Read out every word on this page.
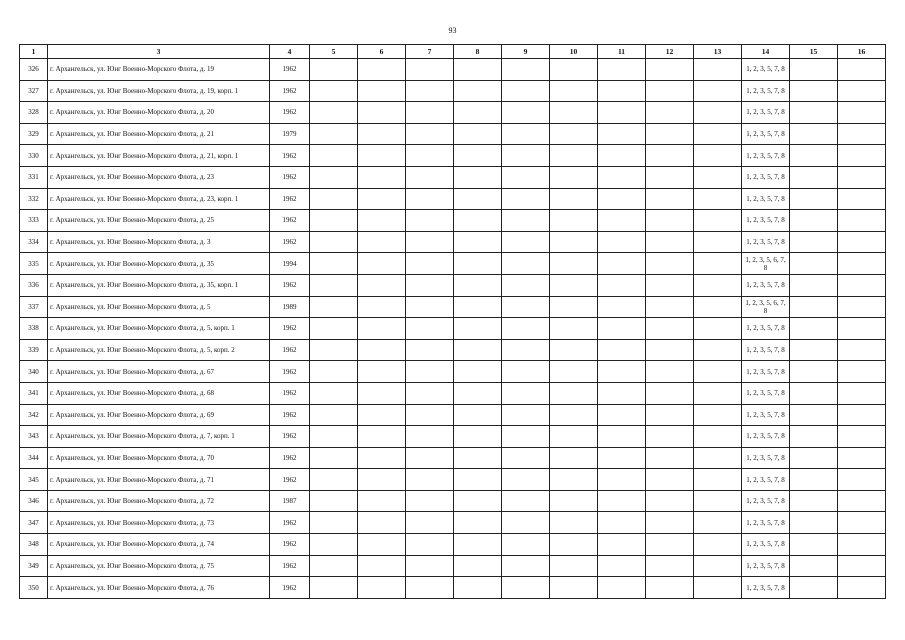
93
1	3	4	5	6	7	8	9	10	11	12	13	14	15	16
326	г. Архангельск, ул. Юнг Военно-Морского Флота, д. 19	1962										1, 2, 3, 5, 7, 8		
327	г. Архангельск, ул. Юнг Военно-Морского Флота, д. 19, корп. 1	1962										1, 2, 3, 5, 7, 8		
328	г. Архангельск, ул. Юнг Военно-Морского Флота, д. 20	1962										1, 2, 3, 5, 7, 8		
329	г. Архангельск, ул. Юнг Военно-Морского Флота, д. 21	1979										1, 2, 3, 5, 7, 8		
330	г. Архангельск, ул. Юнг Военно-Морского Флота, д. 21, корп. 1	1962										1, 2, 3, 5, 7, 8		
331	г. Архангельск, ул. Юнг Военно-Морского Флота, д. 23	1962										1, 2, 3, 5, 7, 8		
332	г. Архангельск, ул. Юнг Военно-Морского Флота, д. 23, корп. 1	1962										1, 2, 3, 5, 7, 8		
333	г. Архангельск, ул. Юнг Военно-Морского Флота, д. 25	1962										1, 2, 3, 5, 7, 8		
334	г. Архангельск, ул. Юнг Военно-Морского Флота, д. 3	1962										1, 2, 3, 5, 7, 8		
335	г. Архангельск, ул. Юнг Военно-Морского Флота, д. 35	1994										1, 2, 3, 5, 6, 7, 8		
336	г. Архангельск, ул. Юнг Военно-Морского Флота, д. 35, корп. 1	1962										1, 2, 3, 5, 7, 8		
337	г. Архангельск, ул. Юнг Военно-Морского Флота, д. 5	1989										1, 2, 3, 5, 6, 7, 8		
338	г. Архангельск, ул. Юнг Военно-Морского Флота, д. 5, корп. 1	1962										1, 2, 3, 5, 7, 8		
339	г. Архангельск, ул. Юнг Военно-Морского Флота, д. 5, корп. 2	1962										1, 2, 3, 5, 7, 8		
340	г. Архангельск, ул. Юнг Военно-Морского Флота, д. 67	1962										1, 2, 3, 5, 7, 8		
341	г. Архангельск, ул. Юнг Военно-Морского Флота, д. 68	1962										1, 2, 3, 5, 7, 8		
342	г. Архангельск, ул. Юнг Военно-Морского Флота, д. 69	1962										1, 2, 3, 5, 7, 8		
343	г. Архангельск, ул. Юнг Военно-Морского Флота, д. 7, корп. 1	1962										1, 2, 3, 5, 7, 8		
344	г. Архангельск, ул. Юнг Военно-Морского Флота, д. 70	1962										1, 2, 3, 5, 7, 8		
345	г. Архангельск, ул. Юнг Военно-Морского Флота, д. 71	1962										1, 2, 3, 5, 7, 8		
346	г. Архангельск, ул. Юнг Военно-Морского Флота, д. 72	1987										1, 2, 3, 5, 7, 8		
347	г. Архангельск, ул. Юнг Военно-Морского Флота, д. 73	1962										1, 2, 3, 5, 7, 8		
348	г. Архангельск, ул. Юнг Военно-Морского Флота, д. 74	1962										1, 2, 3, 5, 7, 8		
349	г. Архангельск, ул. Юнг Военно-Морского Флота, д. 75	1962										1, 2, 3, 5, 7, 8		
350	г. Архангельск, ул. Юнг Военно-Морского Флота, д. 76	1962										1, 2, 3, 5, 7, 8		
